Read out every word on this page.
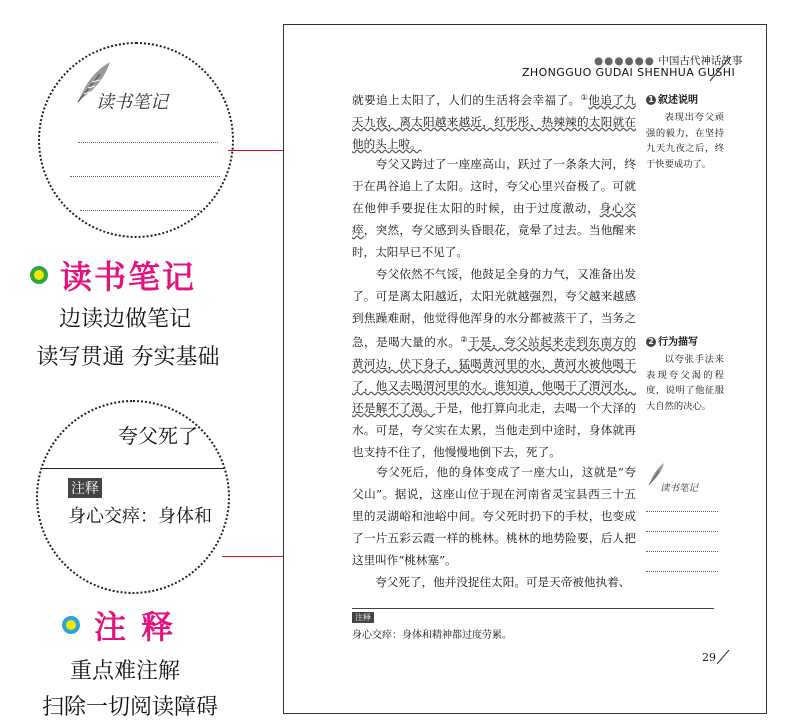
读书笔记
读书笔记
边读边做笔记
读写贯通 夯实基础
夸父死了
注释
身心交瘁：身体和
注 释
重点难注解
扫除一切阅读障碍
●●●●●● 中国古代神话故事
ZHONGGUO GUDAI SHENHUA GUSHI

就要追上太阳了，人们的生活将会幸福了。①他追了九天九夜，离太阳越来越近，红彤彤、热辣辣的太阳就在他的头上啦。

　　夸父又跨过了一座座高山，跃过了一条条大河，终于在禺谷追上了太阳。这时，夸父心里兴奋极了。可就在他伸手要捉住太阳的时候，由于过度激动，身心交瘁，突然，夸父感到头昏眼花，竟晕了过去。当他醒来时，太阳早已不见了。

　　夸父依然不气馁，他鼓足全身的力气，又准备出发了。可是离太阳越近，太阳光就越强烈，夸父越来越感到焦躁难耐，他觉得他浑身的水分都被蒸干了，当务之急，是喝大量的水。②于是，夸父站起来走到东南方的黄河边，伏下身子，猛喝黄河里的水，黄河水被他喝干了，他又去喝渭河里的水。谁知道，他喝干了渭河水，还是解不了渴。于是，他打算向北走，去喝一个大泽的水。可是，夸父实在太累，当他走到中途时，身体就再也支持不住了，他慢慢地倒下去，死了。

　　夸父死后，他的身体变成了一座大山，这就是“夸父山”。据说，这座山位于现在河南省灵宝县西三十五里的灵湖峪和池峪中间。夸父死时扔下的手杖，也变成了一片五彩云霞一样的桃林。桃林的地势险要，后人把这里叫作“桃林塞”。

　　夸父死了，他并没捉住太阳。可是天帝被他执着、

1 叙述说明
表现出夸父顽强的毅力，在坚持九天九夜之后，终于快要成功了。
2 行为描写
以夸张手法来表现夸父渴的程度，说明了他征服大自然的决心。
读书笔记
注释
身心交瘁：身体和精神都过度劳累。
29
